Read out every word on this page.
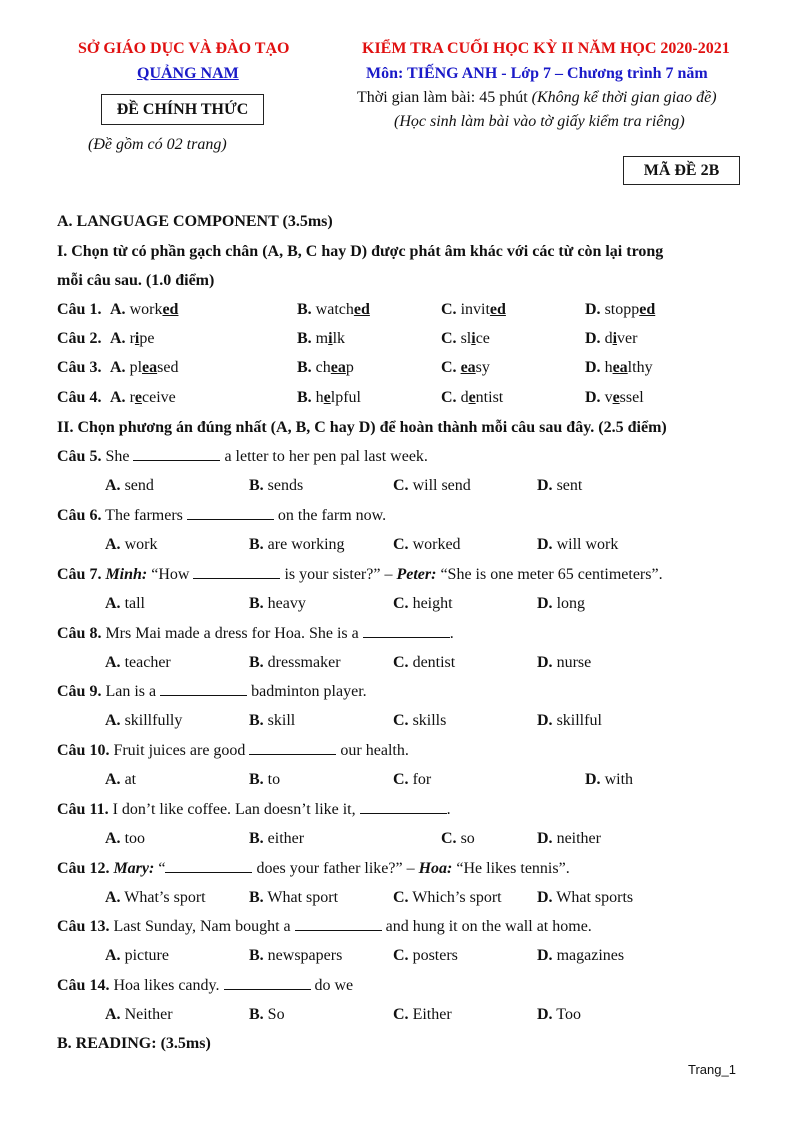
SỞ GIÁO DỤC VÀ ĐÀO TẠO
QUẢNG NAM
ĐỀ CHÍNH THỨC
(Đề gồm có 02 trang)
KIỂM TRA CUỐI HỌC KỲ II NĂM HỌC 2020-2021
Môn: TIẾNG ANH - Lớp 7 – Chương trình 7 năm
Thời gian làm bài: 45 phút (Không kể thời gian giao đề)
(Học sinh làm bài vào tờ giấy kiểm tra riêng)
MÃ ĐỀ 2B
A. LANGUAGE COMPONENT (3.5ms)
I. Chọn từ có phần gạch chân (A, B, C hay D) được phát âm khác với các từ còn lại trong
mỗi câu sau. (1.0 điểm)
Câu 1. A. worked	B. watched	C. invited	D. stopped
Câu 2. A. ripe	B. milk	C. slice	D. diver
Câu 3. A. pleased	B. cheap	C. easy	D. healthy
Câu 4. A. receive	B. helpful	C. dentist	D. vessel
II. Chọn phương án đúng nhất (A, B, C hay D) để hoàn thành mỗi câu sau đây. (2.5 điểm)
Câu 5. She	a letter to her pen pal last week.
A. send	B. sends	C. will send	D. sent
Câu 6. The farmers	on the farm now.
A. work	B. are working	C. worked	D. will work
Câu 7. Minh: “How	is your sister?” – Peter: “She is one meter 65 centimeters”.
A. tall	B. heavy	C. height	D. long
Câu 8. Mrs Mai made a dress for Hoa. She is a	.
A. teacher	B. dressmaker	C. dentist	D. nurse
Câu 9. Lan is a	badminton player.
A. skillfully	B. skill	C. skills	D. skillful
Câu 10. Fruit juices are good	our health.
A. at	B. to	C. for	D. with
Câu 11. I don’t like coffee. Lan doesn’t like it,	.
A. too	B. either	C. so	D. neither
Câu 12. Mary: “	does your father like?” – Hoa: “He likes tennis”.
A. What’s sport	B. What sport	C. Which’s sport D. What sports
Câu 13. Last Sunday, Nam bought a	and hung it on the wall at home.
A. picture	B. newspapers	C. posters	D. magazines
Câu 14. Hoa likes candy.	do we
A. Neither	B. So	C. Either	D. Too
B. READING: (3.5ms)
Trang_1
